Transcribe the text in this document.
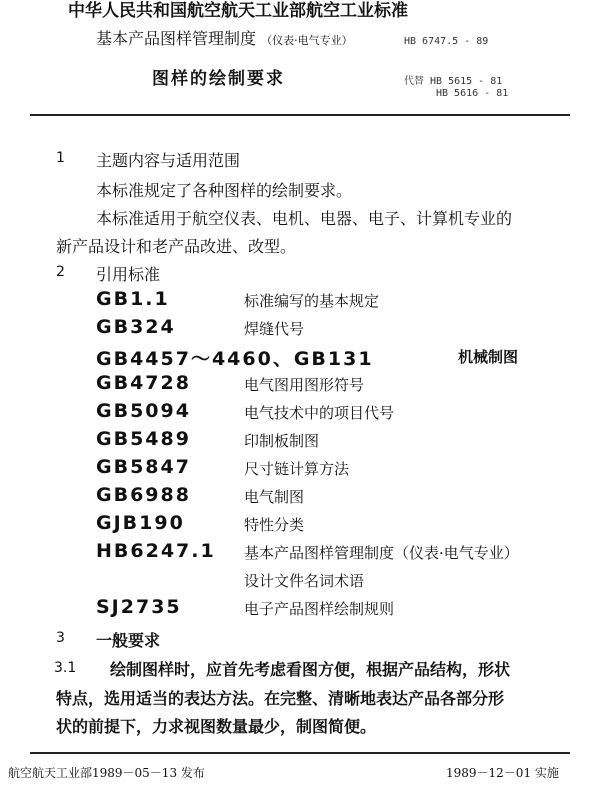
中华人民共和国航空航天工业部航空工业标准
基本产品图样管理制度 （仪表·电气专业）
图样的绘制要求
HB 6747.5 - 89
代替 HB 5615 - 81
HB 5616 - 81
1 主题内容与适用范围
本标准规定了各种图样的绘制要求。
本标准适用于航空仪表、电机、电器、电子、计算机专业的
新产品设计和老产品改进、改型。
2 引用标准
GB1.1	标准编写的基本规定
GB324	焊缝代号
GB4457～4460、GB131	机械制图
GB4728	电气图用图形符号
GB5094	电气技术中的项目代号
GB5489	印制板制图
GB5847	尺寸链计算方法
GB6988	电气制图
GJB190	特性分类
HB6247.1 基本产品图样管理制度（仪表·电气专业）
设计文件名词术语
SJ2735	电子产品图样绘制规则
3 一般要求
3.1 绘制图样时，应首先考虑看图方便，根据产品结构，形状
特点，选用适当的表达方法。在完整、清晰地表达产品各部分形
状的前提下，力求视图数量最少，制图简便。
航空航天工业部1989－05－13 发布	1989－12－01 实施
